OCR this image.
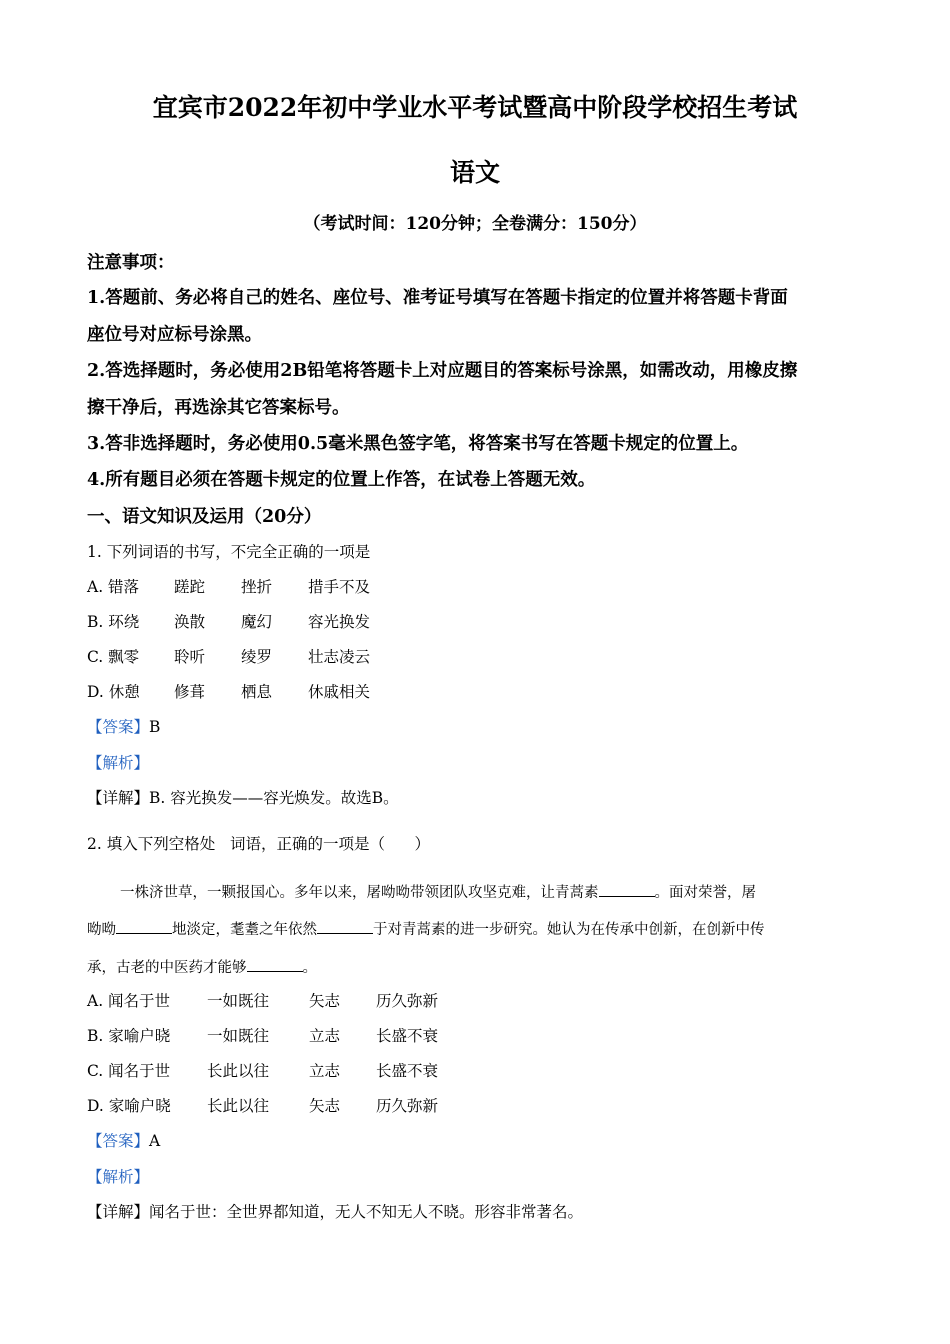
宜宾市2022年初中学业水平考试暨高中阶段学校招生考试
语文
（考试时间：120分钟；全卷满分：150分）
注意事项：
1.答题前、务必将自己的姓名、座位号、准考证号填写在答题卡指定的位置并将答题卡背面
座位号对应标号涂黑。
2.答选择题时，务必使用2B铅笔将答题卡上对应题目的答案标号涂黑，如需改动，用橡皮擦
擦干净后，再选涂其它答案标号。
3.答非选择题时，务必使用0.5毫米黑色签字笔，将答案书写在答题卡规定的位置上。
4.所有题目必须在答题卡规定的位置上作答，在试卷上答题无效。
一、语文知识及运用（20分）
1. 下列词语的书写，不完全正确的一项是
A. 错落 蹉跎 挫折 措手不及
B. 环绕 涣散 魔幻 容光换发
C. 飘零 聆听 绫罗 壮志凌云
D. 休憩 修葺 栖息 休戚相关
【答案】B
【解析】
【详解】B. 容光换发——容光焕发。故选B。
2. 填入下列空格处   词语，正确的一项是（      ）
一株济世草，一颗报国心。多年以来，屠呦呦带领团队攻坚克难，让青蒿素	。面对荣誉，屠
呦呦	地淡定，耄耋之年依然	于对青蒿素的进一步研究。她认为在传承中创新，在创新中传
承，古老的中医药才能够	。
A. 闻名于世 一如既往	矢志 历久弥新
B. 家喻户晓 一如既往	立志 长盛不衰
C. 闻名于世 长此以往	立志 长盛不衰
D. 家喻户晓 长此以往	矢志 历久弥新
【答案】A
【解析】
【详解】闻名于世：全世界都知道，无人不知无人不晓。形容非常著名。
